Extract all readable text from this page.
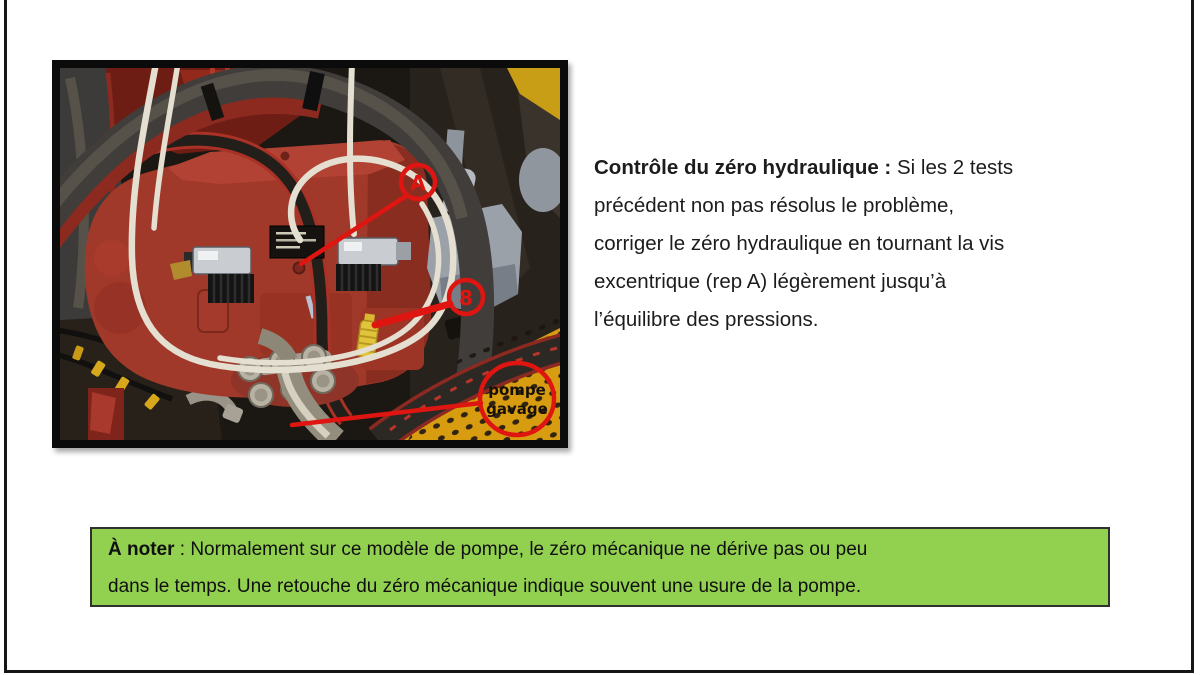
A
8
pompe
gavage
Contrôle du zéro hydraulique : Si les 2 tests
précédent non pas résolus le problème,
corriger le zéro hydraulique en tournant la vis
excentrique (rep A) légèrement jusqu’à
l’équilibre des pressions.
À noter : Normalement sur ce modèle de pompe, le zéro mécanique ne dérive pas ou peu
dans le temps. Une retouche du zéro mécanique indique souvent une usure de la pompe.
